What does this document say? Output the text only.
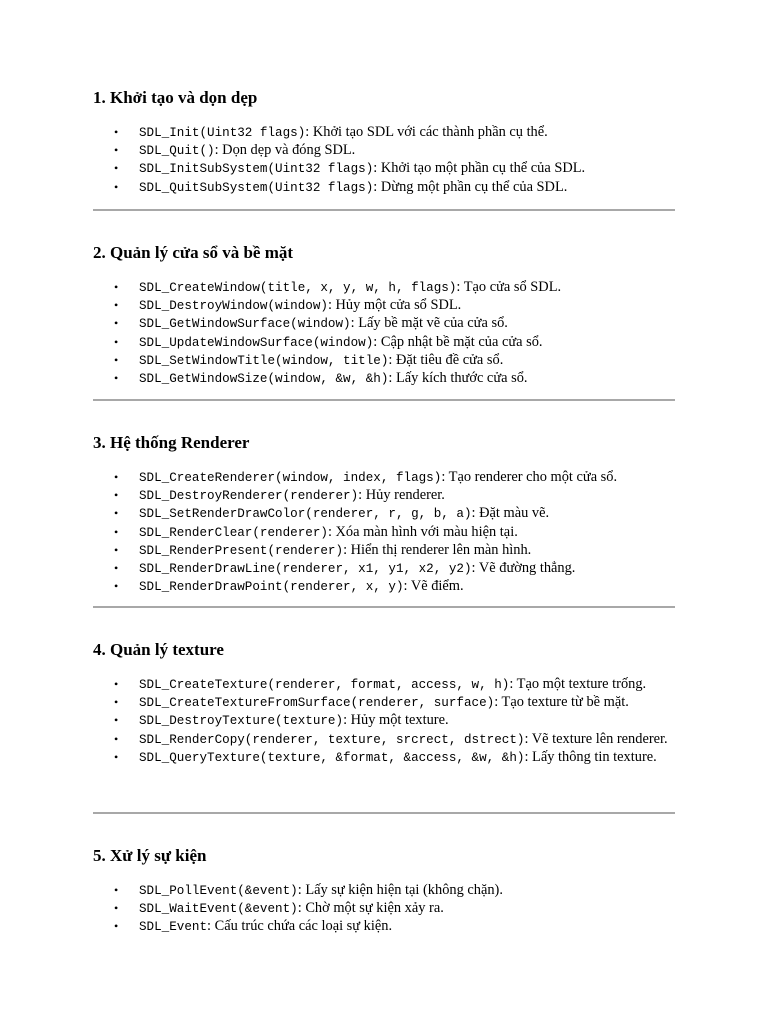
1. Khởi tạo và dọn dẹp
• SDL_Init(Uint32 flags): Khởi tạo SDL với các thành phần cụ thể.
• SDL_Quit(): Dọn dẹp và đóng SDL.
• SDL_InitSubSystem(Uint32 flags): Khởi tạo một phần cụ thể của SDL.
• SDL_QuitSubSystem(Uint32 flags): Dừng một phần cụ thể của SDL.
2. Quản lý cửa sổ và bề mặt
• SDL_CreateWindow(title, x, y, w, h, flags): Tạo cửa sổ SDL.
• SDL_DestroyWindow(window): Hủy một cửa sổ SDL.
• SDL_GetWindowSurface(window): Lấy bề mặt vẽ của cửa sổ.
• SDL_UpdateWindowSurface(window): Cập nhật bề mặt của cửa sổ.
• SDL_SetWindowTitle(window, title): Đặt tiêu đề cửa sổ.
• SDL_GetWindowSize(window, &w, &h): Lấy kích thước cửa sổ.
3. Hệ thống Renderer
• SDL_CreateRenderer(window, index, flags): Tạo renderer cho một cửa sổ.
• SDL_DestroyRenderer(renderer): Hủy renderer.
• SDL_SetRenderDrawColor(renderer, r, g, b, a): Đặt màu vẽ.
• SDL_RenderClear(renderer): Xóa màn hình với màu hiện tại.
• SDL_RenderPresent(renderer): Hiển thị renderer lên màn hình.
• SDL_RenderDrawLine(renderer, x1, y1, x2, y2): Vẽ đường thẳng.
• SDL_RenderDrawPoint(renderer, x, y): Vẽ điểm.
4. Quản lý texture
• SDL_CreateTexture(renderer, format, access, w, h): Tạo một texture trống.
• SDL_CreateTextureFromSurface(renderer, surface): Tạo texture từ bề mặt.
• SDL_DestroyTexture(texture): Hủy một texture.
• SDL_RenderCopy(renderer, texture, srcrect, dstrect): Vẽ texture lên renderer.
• SDL_QueryTexture(texture, &format, &access, &w, &h): Lấy thông tin texture.
5. Xử lý sự kiện
• SDL_PollEvent(&event): Lấy sự kiện hiện tại (không chặn).
• SDL_WaitEvent(&event): Chờ một sự kiện xảy ra.
• SDL_Event: Cấu trúc chứa các loại sự kiện.
